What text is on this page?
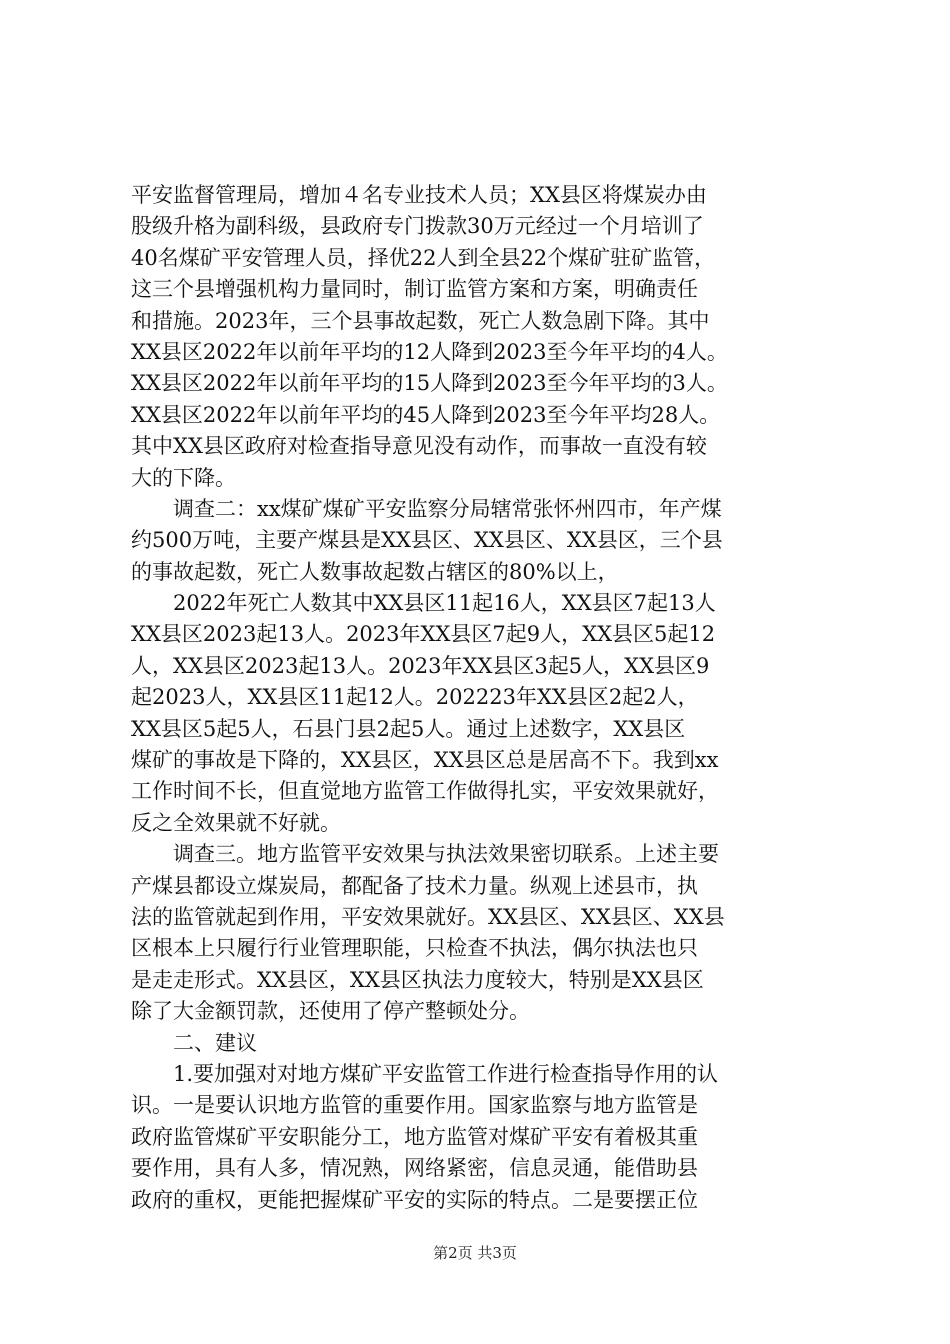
平安监督管理局，增加４名专业技术人员；XX县区将煤炭办由
股级升格为副科级，县政府专门拨款30万元经过一个月培训了
40名煤矿平安管理人员，择优22人到全县22个煤矿驻矿监管，
这三个县增强机构力量同时，制订监管方案和方案，明确责任
和措施。2023年，三个县事故起数，死亡人数急剧下降。其中
XX县区2022年以前年平均的12人降到2023至今年平均的4人。
XX县区2022年以前年平均的15人降到2023至今年平均的3人。
XX县区2022年以前年平均的45人降到2023至今年平均28人。
其中XX县区政府对检查指导意见没有动作，而事故一直没有较
大的下降。
　　调查二：xx煤矿煤矿平安监察分局辖常张怀州四市，年产煤
约500万吨，主要产煤县是XX县区、XX县区、XX县区，三个县
的事故起数，死亡人数事故起数占辖区的80%以上，
　　2022年死亡人数其中XX县区11起16人，XX县区7起13人
XX县区2023起13人。2023年XX县区7起9人，XX县区5起12
人，XX县区2023起13人。2023年XX县区3起5人，XX县区9
起2023人，XX县区11起12人。202223年XX县区2起2人，
XX县区5起5人，石县门县2起5人。通过上述数字，XX县区
煤矿的事故是下降的，XX县区，XX县区总是居高不下。我到xx
工作时间不长，但直觉地方监管工作做得扎实，平安效果就好，
反之全效果就不好就。
　　调查三。地方监管平安效果与执法效果密切联系。上述主要
产煤县都设立煤炭局，都配备了技术力量。纵观上述县市，执
法的监管就起到作用，平安效果就好。XX县区、XX县区、XX县
区根本上只履行行业管理职能，只检查不执法，偶尔执法也只
是走走形式。XX县区，XX县区执法力度较大，特别是XX县区
除了大金额罚款，还使用了停产整顿处分。
　　二、建议
　　1.要加强对对地方煤矿平安监管工作进行检查指导作用的认
识。一是要认识地方监管的重要作用。国家监察与地方监管是
政府监管煤矿平安职能分工，地方监管对煤矿平安有着极其重
要作用，具有人多，情况熟，网络紧密，信息灵通，能借助县
政府的重权，更能把握煤矿平安的实际的特点。二是要摆正位
第2页 共3页
